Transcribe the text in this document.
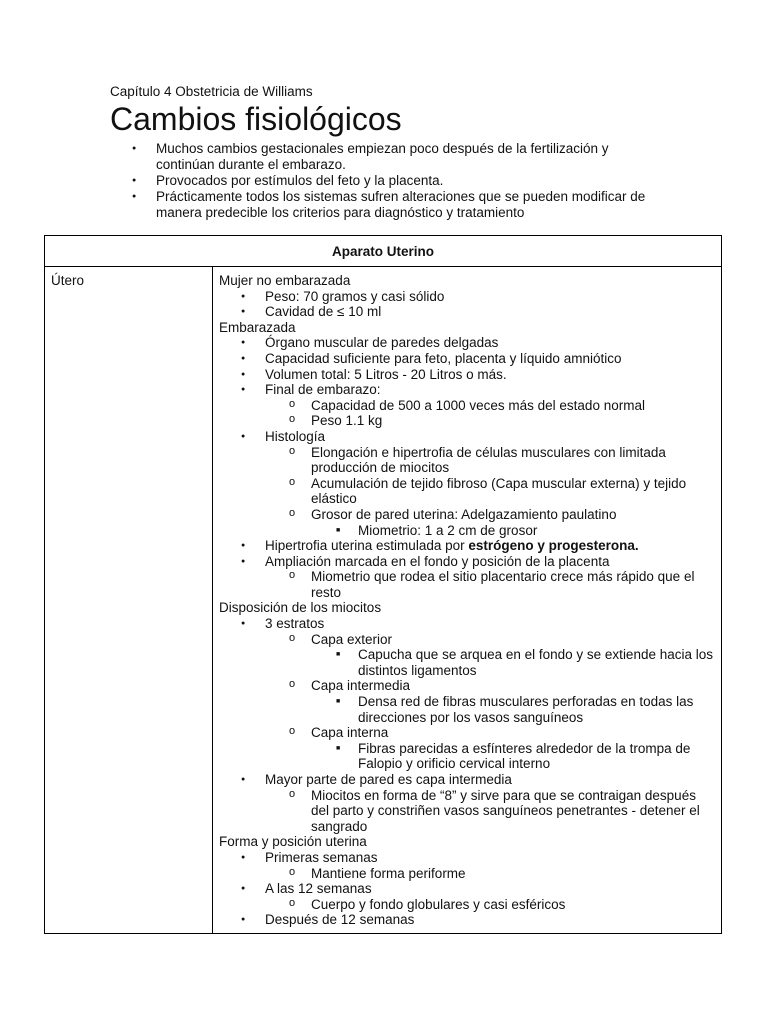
Capítulo 4 Obstetricia de Williams
Cambios fisiológicos
● Muchos cambios gestacionales empiezan poco después de la fertilización y continúan durante el embarazo.
● Provocados por estímulos del feto y la placenta.
● Prácticamente todos los sistemas sufren alteraciones que se pueden modificar de manera predecible los criterios para diagnóstico y tratamiento
Aparato Uterino
Útero	Mujer no embarazada
● Peso: 70 gramos y casi sólido
● Cavidad de ≤ 10 ml
Embarazada
● Órgano muscular de paredes delgadas
● Capacidad suficiente para feto, placenta y líquido amniótico
● Volumen total: 5 Litros - 20 Litros o más.
● Final de embarazo:
o Capacidad de 500 a 1000 veces más del estado normal
o Peso 1.1 kg
● Histología
o Elongación e hipertrofia de células musculares con limitada producción de miocitos
o Acumulación de tejido fibroso (Capa muscular externa) y tejido elástico
o Grosor de pared uterina: Adelgazamiento paulatino
■ Miometrio: 1 a 2 cm de grosor
● Hipertrofia uterina estimulada por estrógeno y progesterona.
● Ampliación marcada en el fondo y posición de la placenta
o Miometrio que rodea el sitio placentario crece más rápido que el resto
Disposición de los miocitos
● 3 estratos
o Capa exterior
■ Capucha que se arquea en el fondo y se extiende hacia los distintos ligamentos
o Capa intermedia
■ Densa red de fibras musculares perforadas en todas las direcciones por los vasos sanguíneos
o Capa interna
■ Fibras parecidas a esfínteres alrededor de la trompa de Falopio y orificio cervical interno
● Mayor parte de pared es capa intermedia
o Miocitos en forma de “8” y sirve para que se contraigan después del parto y constriñen vasos sanguíneos penetrantes - detener el sangrado
Forma y posición uterina
● Primeras semanas
o Mantiene forma periforme
● A las 12 semanas
o Cuerpo y fondo globulares y casi esféricos
● Después de 12 semanas
